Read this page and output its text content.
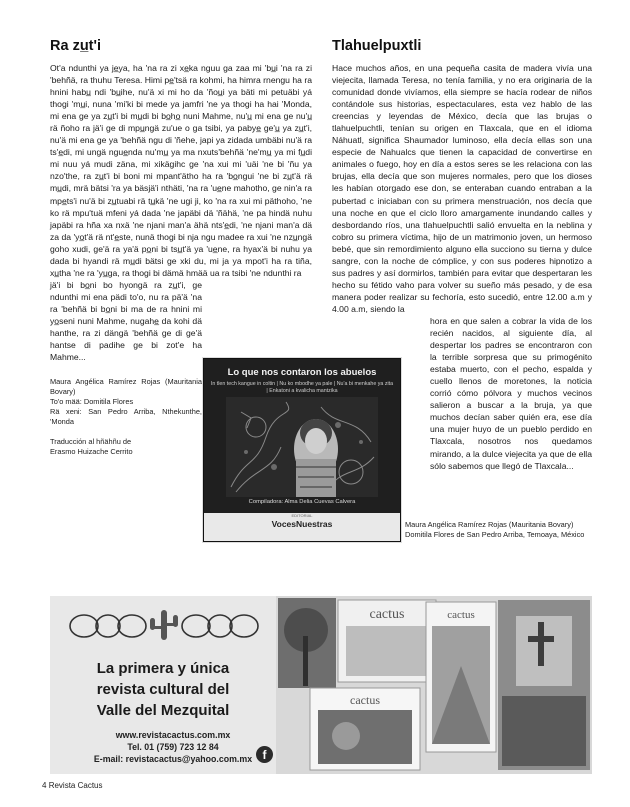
Ra zu̲t'i

Ot'a ndunthi ya je̲ya, ha 'na ra zi xe̲ka nguu ga zaa mi 'bu̲i 'na ra zi 'behñä, ra thuhu Teresa. Himi pe̲'tsä ra kohmi, ha himra rnengu ha ra hnini habu̲ ndi 'bu̲ihe, nu'ä xi mi ho da 'ñou̲i ya bäti mi petuäbi yá thogi 'mu̲i, nuna 'mi'ki bi mede ya jamfri 'ne ya thogi ha hai 'Monda, mi ena ge ya zu̲t'i bi mu̲di bi bo̲ho̲ nuni Mahme, nu'u̲ mi ena ge nu'u̲ rä ñoho ra jä'i ge di mpu̲ngä zu'ue o ga tsibi, ya pabye̲ ge'u̲ ya zu̲t'i, nu'ä mi ena ge ya 'behñä ngu di 'ñehe, japi ya zidada umbäbi nu'ä ra ts'e̲di, mi ungä ngue̲nda nu'mu̲ ya ma nxuts'behñä 'ne'mu̲ ya mi fu̲di mi nuu yá mudi zäna, mi xikägihc ge 'na xui mi 'uäi 'ne bi 'ñu ya nzo'the, ra zu̲t'i bi boni mi mpant'ätho ha ra 'bo̲ngui 'ne bi zu̲t'ä rä mu̲di, mrä bätsi 'ra ya bäsjä'i nthäti, 'na ra 'ue̲ne mahotho, ge nin'a ra mpe̲ts'i nu'ä bi zu̲tuabi rä tu̲kä 'ne ugi ji, ko 'na ra xui mi päthoho, 'ne ko rä mpu'tuä mfeni yá dada 'ne japäbi dä 'ñähä, 'ne pa hindä nuhu japäbi ra hña xa nxä 'ne njani man'a ähä nts'e̲di, 'ne njani man'a dä za da 'yo̲t'ä rä nt'e̲ste, nunä thogi bi nja ngu madee ra xui 'ne nzu̲ngä goho xudi, ge'ä ra ya'ä po̲ni bi tsu̲t'ä ya 'ue̲ne, ra hyax'ä bi nuhu ya dada bi hyandi rä mu̲di bätsi ge xki du, mi ja ya mpot'i ha ra tiña, xu̲tha 'ne ra 'yu̲ga, ra thogi bi dämä hmää ua ra tsibi 'ne ndunthi ra

jä'i bi bo̲ni bo hyongä ra zu̲t'i, ge ndunthi mi ena pädi to'o, nu ra pä'ä 'na ra 'behñä bi bo̲ni bi ma de ra hnini mi yo̲seni nuni Mahme, nugahe̲ da kohi dä hanthe, ra zi dängä 'behñä ge di ge'ä hantse di padihe ge bi zot'e ha Mahme...

Maura Angélica Ramírez Rojas (Mauritania Bovary)

To'o mää: Domitila Flores

Rä xeni: San Pedro Arriba, Nthekunthe, 'Monda

Traducción al hñähñu de

Erasmo Huizache Cerrito

Tlahuelpuxtli

Hace muchos años, en una pequeña casita de madera vivía una viejecita, llamada Teresa, no tenía familia, y no era originaria de la comunidad donde vivíamos, ella siempre se hacía rodear de niños contándole sus historias, espectaculares, esta vez hablo de las creencias y leyendas de México, decía que las brujas o tlahuelpuchtli, tenían su origen en Tlaxcala, que en el idioma Náhuatl, significa Shaumador luminoso, ella decía ellas son una especie de Nahualcs que tienen la capacidad de convertirse en animales o fuego, hoy en día a estos seres se les relaciona con las brujas, ella decía que son mujeres normales, pero que los dioses les habían otorgado ese don, se enteraban cuando entraban a la pubertad c iniciaban con su primera menstruación, nos decía que una noche en que el ciclo lloro amargamente inundando calles y desbordando ríos, una tlahuelpuchtli salió envuelta en la neblina y cobro su primera víctima, hijo de un matrimonio joven, un hermoso bebé, que sin remordimiento alguno ella succiono su tierna y dulce sangre, con la noche de cómplice, y con sus poderes hipnotizo a sus padres y así dormirlos, también para evitar que despertaran les hecho su fétido vaho para volver su sueño más pesado, y de esa manera poder realizar su fechoría, esto sucedió, entre 12.00 a.m y 4.00 a.m, siendo la

hora en que salen a cobrar la vida de los recién nacidos, al siguiente día, al despertar los padres se encontraron con la terrible sorpresa que su primogénito estaba muerto, con el pecho, espalda y cuello llenos de moretones, la noticia corrió cómo pólvora y muchos vecinos salieron a buscar a la bruja, ya que muchos decían saber quién era, ese día una mujer huyo de un pueblo perdido en Tlaxcala, nosotros nos quedamos mirando, a la dulce viejecita ya que de ella sólo sabemos que llegó de Tlaxcala...

Maura Angélica Ramírez Rojas (Mauritania Bovary)

Domitila Flores de San Pedro Arriba, Temoaya, México

Lo que nos contaron los abuelos
In tlen tech kangue in coltin | Nu ko mbodhe ya pale | Nu'a bi menkahe ya zita | Enkatoni a kvalicha mantzika
Compiladora: Alma Delia Cuevas Calvera
EDITORIAL
VocesNuestras
La primera y única
revista cultural del
Valle del Mezquital
www.revistacactus.com.mx
Tel. 01 (759) 723 12 84
E-mail: revistacactus@yahoo.com.mx f
cactus	cactus
cactus
4 Revista Cactus
